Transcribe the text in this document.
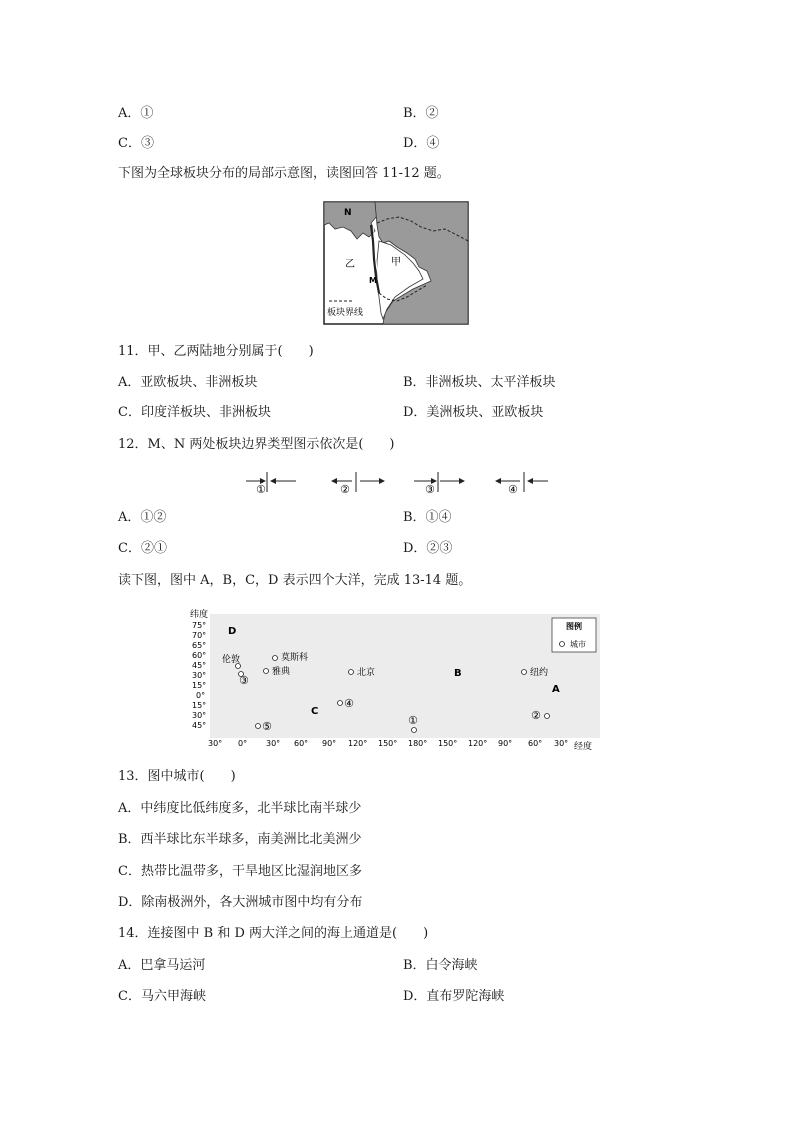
A．①	B．②
C．③	D．④
下图为全球板块分布的局部示意图，读图回答 11-12 题。
N
M
甲
乙
板块界线
11．甲、乙两陆地分别属于(　　)
A．亚欧板块、非洲板块	B．非洲板块、太平洋板块
C．印度洋板块、非洲板块	D．美洲板块、亚欧板块
12．M、N 两处板块边界类型图示依次是(　　)
①	②	③	④
A．①②	B．①④
C．②①	D．②③
读下图，图中 A，B，C，D 表示四个大洋，完成 13-14 题。
纬度
经度
75°
70°
65°
60°
45°
30°
15°
0°
15°
30°
45°
30° 0° 30° 60° 90° 120° 150° 180° 150° 120° 90° 60° 30°
D
B
C
A
伦敦	莫斯科
雅典	北京	纽约
③
④
①	②
⑤
图例
城市
13．图中城市(　　)
A．中纬度比低纬度多，北半球比南半球少
B．西半球比东半球多，南美洲比北美洲少
C．热带比温带多，干旱地区比湿润地区多
D．除南极洲外，各大洲城市图中均有分布
14．连接图中 B 和 D 两大洋之间的海上通道是(　　)
A．巴拿马运河	B．白令海峡
C．马六甲海峡	D．直布罗陀海峡
